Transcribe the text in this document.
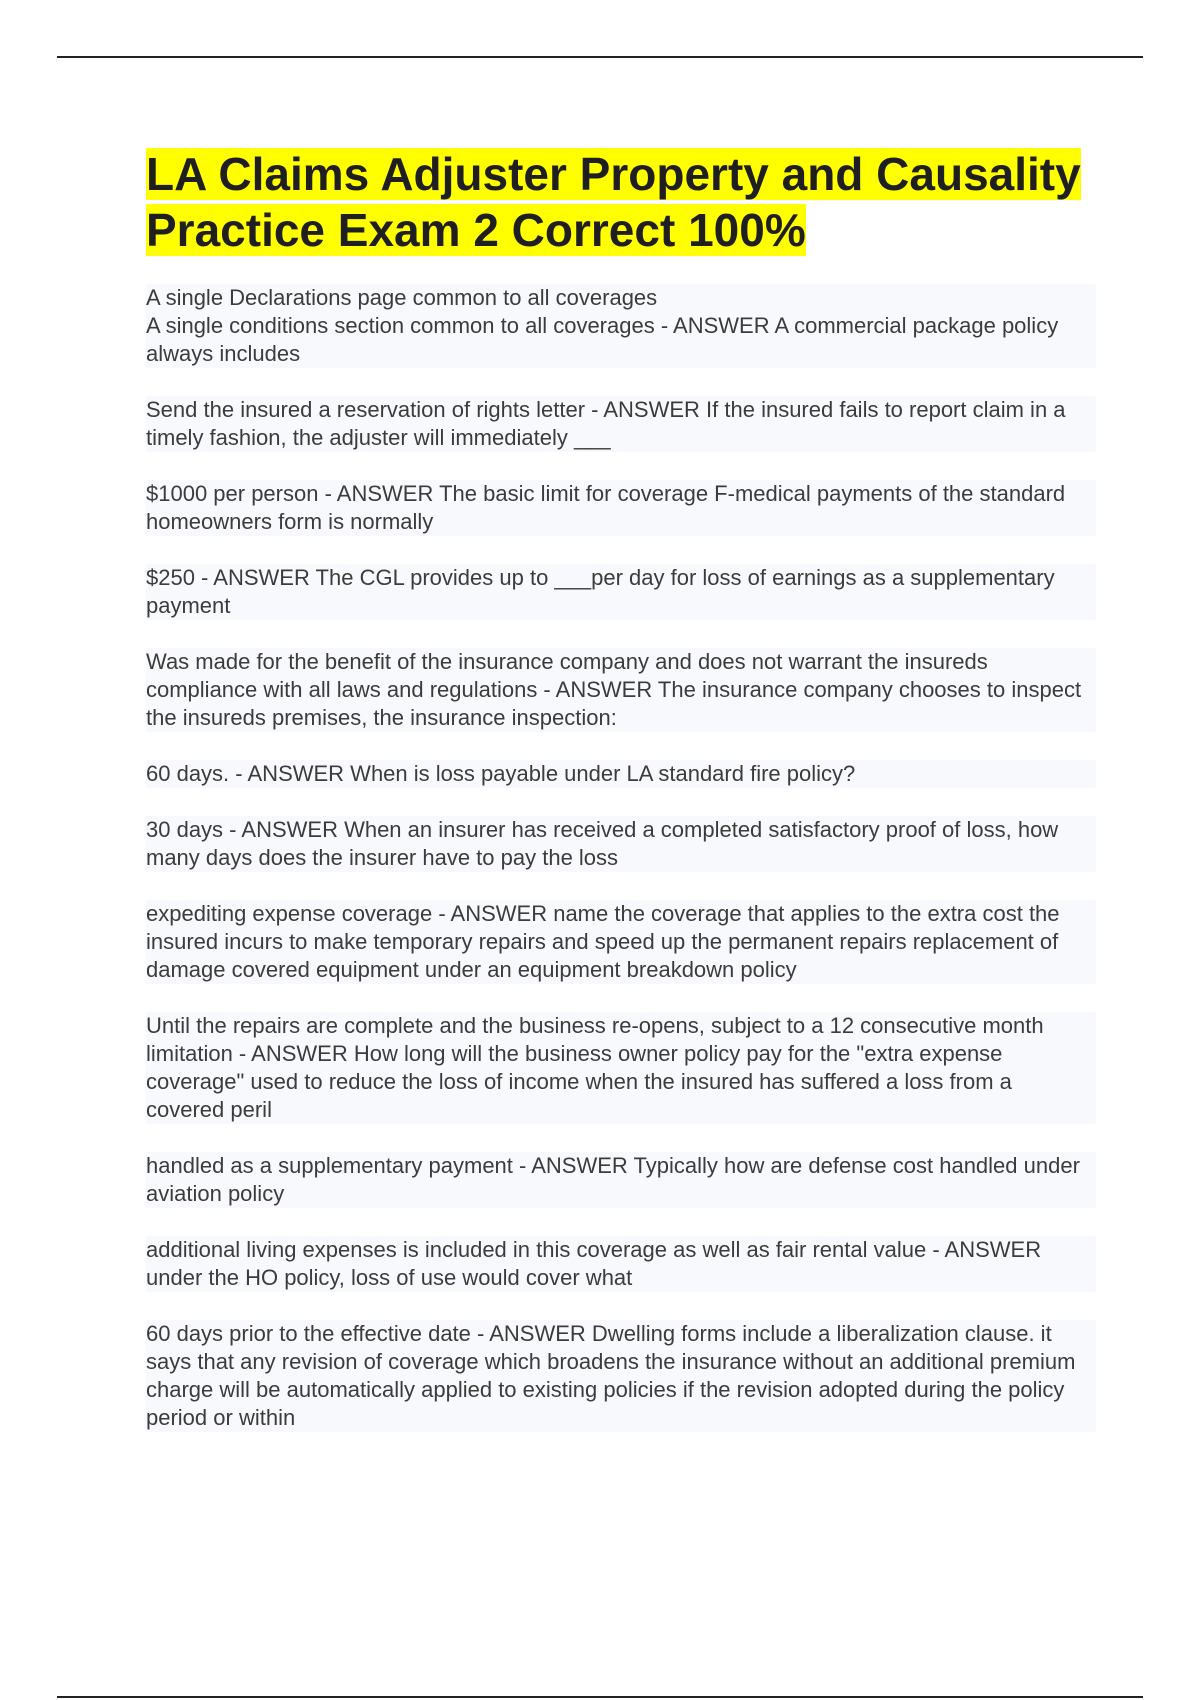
LA Claims Adjuster Property and Causality Practice Exam 2 Correct 100%

A single Declarations page common to all coverages
A single conditions section common to all coverages - ANSWER A commercial package policy always includes

Send the insured a reservation of rights letter - ANSWER If the insured fails to report claim in a timely fashion, the adjuster will immediately ___

$1000 per person - ANSWER The basic limit for coverage F-medical payments of the standard homeowners form is normally

$250 - ANSWER The CGL provides up to ___per day for loss of earnings as a supplementary payment

Was made for the benefit of the insurance company and does not warrant the insureds compliance with all laws and regulations - ANSWER The insurance company chooses to inspect the insureds premises, the insurance inspection:

60 days. - ANSWER When is loss payable under LA standard fire policy?

30 days - ANSWER When an insurer has received a completed satisfactory proof of loss, how many days does the insurer have to pay the loss

expediting expense coverage - ANSWER name the coverage that applies to the extra cost the insured incurs to make temporary repairs and speed up the permanent repairs replacement of damage covered equipment under an equipment breakdown policy

Until the repairs are complete and the business re-opens, subject to a 12 consecutive month limitation - ANSWER How long will the business owner policy pay for the "extra expense coverage" used to reduce the loss of income when the insured has suffered a loss from a covered peril

handled as a supplementary payment - ANSWER Typically how are defense cost handled under aviation policy

additional living expenses is included in this coverage as well as fair rental value - ANSWER under the HO policy, loss of use would cover what

60 days prior to the effective date - ANSWER Dwelling forms include a liberalization clause. it says that any revision of coverage which broadens the insurance without an additional premium charge will be automatically applied to existing policies if the revision adopted during the policy period or within
